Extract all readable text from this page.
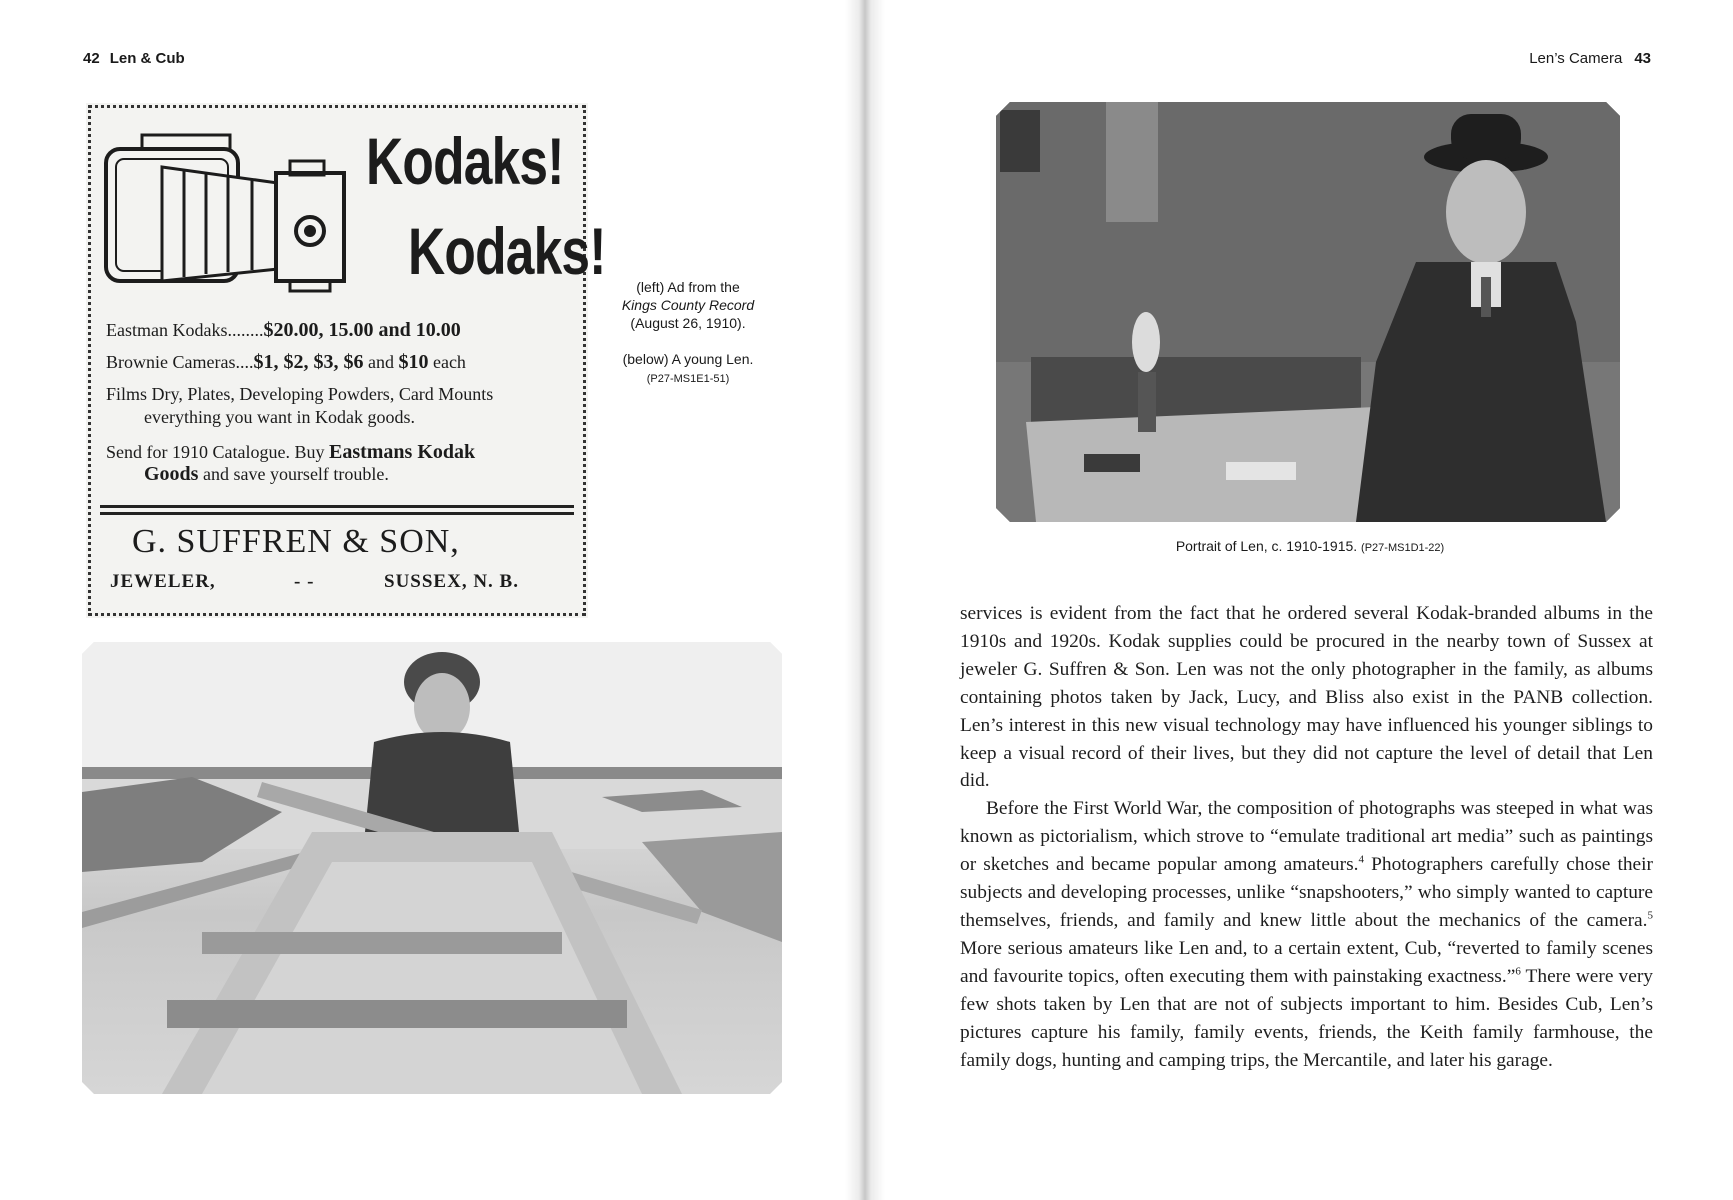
42 Len & Cub	Len’s Camera 43
Kodaks!
Kodaks!
Eastman Kodaks........$20.00, 15.00 and 10.00
Brownie Cameras....$1, $2, $3, $6 and $10 each
Films Dry, Plates, Developing Powders, Card Mounts
everything you want in Kodak goods.
Send for 1910 Catalogue. Buy Eastmans Kodak
Goods and save yourself trouble.
G. SUFFREN & SON,
JEWELER,	- -	SUSSEX, N. B.
(left) Ad from the
Kings County Record (August 26, 1910).

(below) A young Len.
(P27-MS1E1-51)
Portrait of Len, c. 1910-1915. (P27-MS1D1-22)

services is evident from the fact that he ordered several Kodak-branded albums in the 1910s and 1920s. Kodak supplies could be procured in the nearby town of Sussex at jeweler G. Suffren & Son. Len was not the only photographer in the family, as albums containing photos taken by Jack, Lucy, and Bliss also exist in the PANB collection. Len’s interest in this new visual technology may have influenced his younger siblings to keep a visual record of their lives, but they did not capture the level of detail that Len did.

Before the First World War, the composition of photographs was steeped in what was known as pictorialism, which strove to “emulate traditional art media” such as paintings or sketches and became popular among amateurs.$^4$ Photographers carefully chose their subjects and developing processes, unlike “snapshooters,” who simply wanted to capture themselves, friends, and family and knew little about the mechanics of the camera.$^5$ More serious amateurs like Len and, to a certain extent, Cub, “reverted to family scenes and favourite topics, often executing them with painstaking exactness.”$^6$ There were very few shots taken by Len that are not of subjects important to him. Besides Cub, Len’s pictures capture his family, family events, friends, the Keith family farmhouse, the family dogs, hunting and camping trips, the Mercantile, and later his garage.
